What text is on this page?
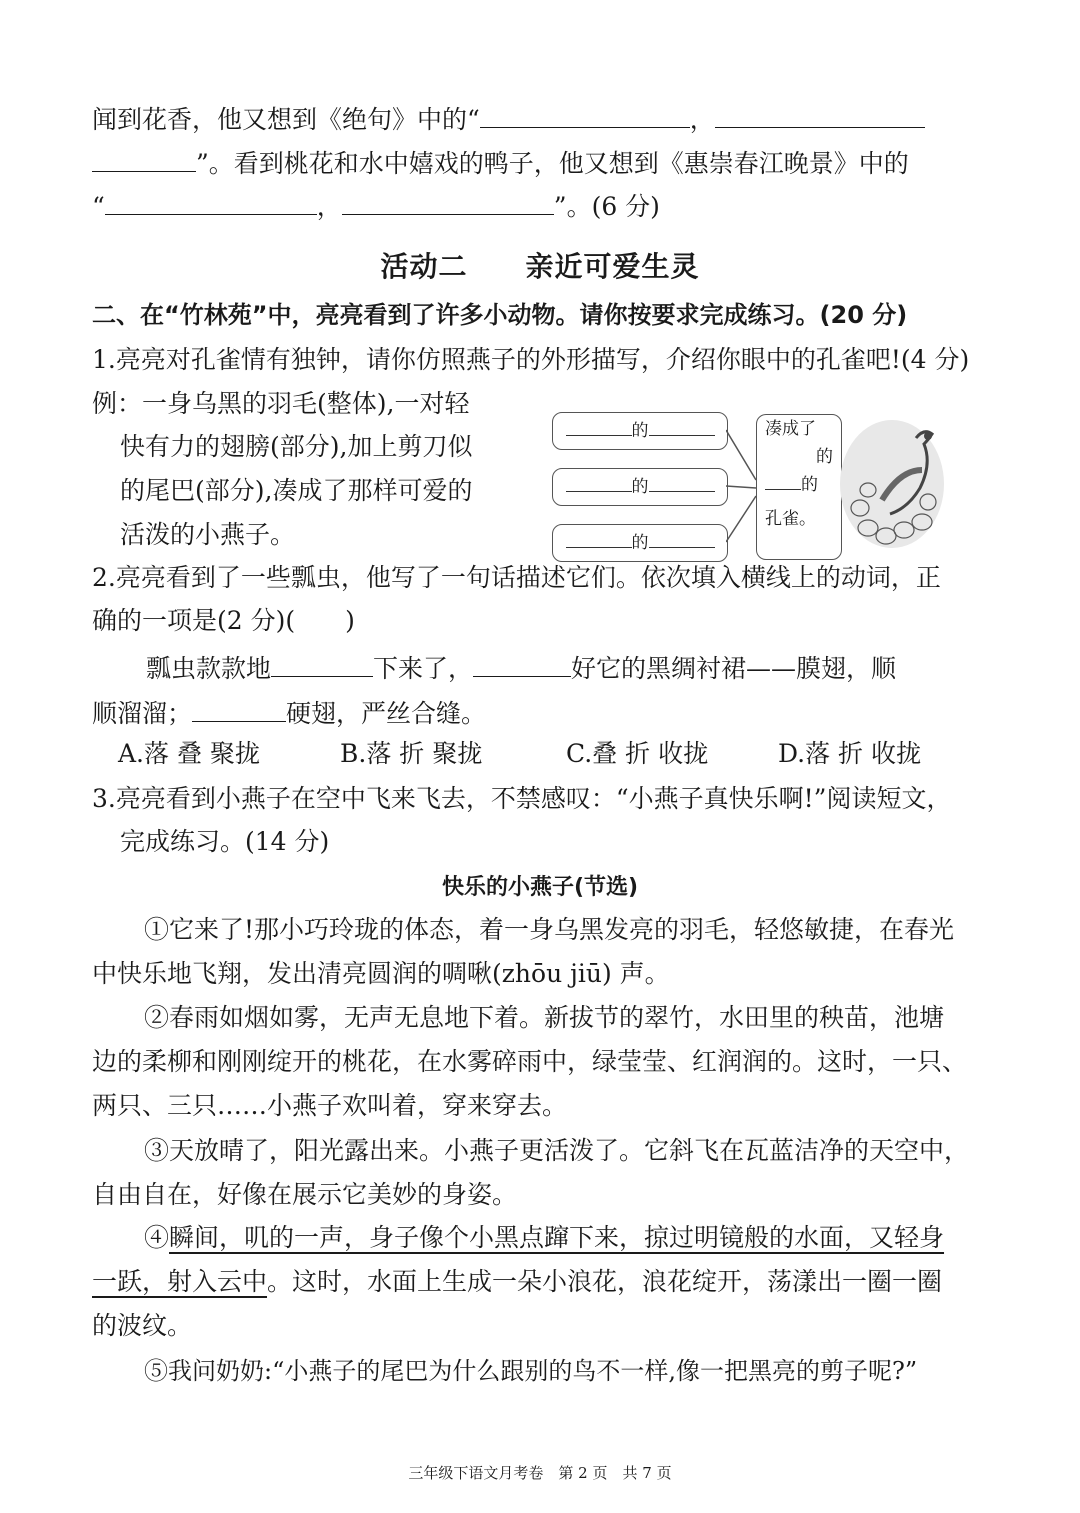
闻到花香，他又想到《绝句》中的“	，
”。看到桃花和水中嬉戏的鸭子，他又想到《惠崇春江晚景》中的
“	，	”。(6 分)
活动二　　亲近可爱生灵
二、在“竹林苑”中，亮亮看到了许多小动物。请你按要求完成练习。(20 分)
1.亮亮对孔雀情有独钟，请你仿照燕子的外形描写，介绍你眼中的孔雀吧!(4 分)
例：一身乌黑的羽毛(整体),一对轻
快有力的翅膀(部分),加上剪刀似
的尾巴(部分),凑成了那样可爱的
活泼的小燕子。
的
的
的
凑成了
的
的
孔雀。
2.亮亮看到了一些瓢虫，他写了一句话描述它们。依次填入横线上的动词，正
确的一项是(2 分)(　　)
瓢虫款款地	下来了，	好它的黑绸衬裙——膜翅，顺
顺溜溜；	硬翅，严丝合缝。
A.落 叠 聚拢	B.落 折 聚拢	C.叠 折 收拢	D.落 折 收拢
3.亮亮看到小燕子在空中飞来飞去，不禁感叹：“小燕子真快乐啊!”阅读短文，
完成练习。(14 分)
快乐的小燕子(节选)
①它来了!那小巧玲珑的体态，着一身乌黑发亮的羽毛，轻悠敏捷，在春光
中快乐地飞翔，发出清亮圆润的啁啾(zhōu jiū) 声。
②春雨如烟如雾，无声无息地下着。新拔节的翠竹，水田里的秧苗，池塘
边的柔柳和刚刚绽开的桃花，在水雾碎雨中，绿莹莹、红润润的。这时，一只、
两只、三只……小燕子欢叫着，穿来穿去。
③天放晴了，阳光露出来。小燕子更活泼了。它斜飞在瓦蓝洁净的天空中，
自由自在，好像在展示它美妙的身姿。
④瞬间，叽的一声，身子像个小黑点蹿下来，掠过明镜般的水面，又轻身
一跃，射入云中。这时，水面上生成一朵小浪花，浪花绽开，荡漾出一圈一圈
的波纹。
⑤我问奶奶:“小燕子的尾巴为什么跟别的鸟不一样,像一把黑亮的剪子呢?”
三年级下语文月考卷　第 2 页　共 7 页
